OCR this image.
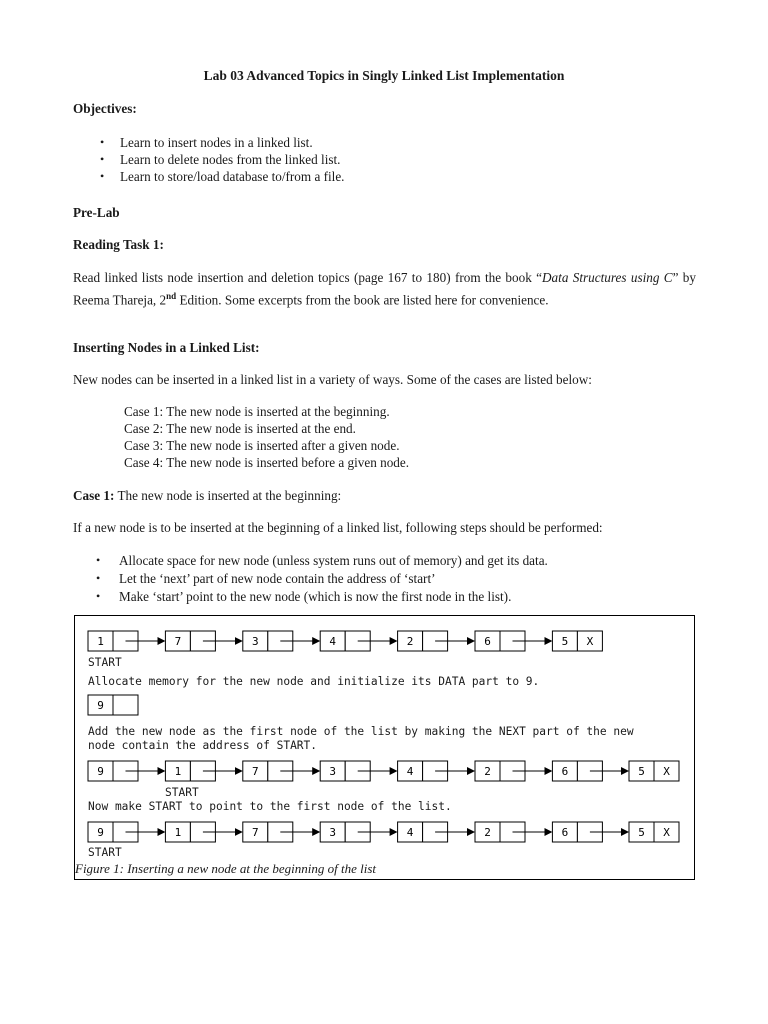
Lab 03 Advanced Topics in Singly Linked List Implementation
Objectives:
• Learn to insert nodes in a linked list.
• Learn to delete nodes from the linked list.
• Learn to store/load database to/from a file.
Pre-Lab
Reading Task 1:
Read linked lists node insertion and deletion topics (page 167 to 180) from the book “Data Structures using C” by Reema Thareja, 2nd Edition. Some excerpts from the book are listed here for convenience.
Inserting Nodes in a Linked List:
New nodes can be inserted in a linked list in a variety of ways. Some of the cases are listed below:
Case 1: The new node is inserted at the beginning.
Case 2: The new node is inserted at the end.
Case 3: The new node is inserted after a given node.
Case 4: The new node is inserted before a given node.
Case 1: The new node is inserted at the beginning:
If a new node is to be inserted at the beginning of a linked list, following steps should be performed:
• Allocate space for new node (unless system runs out of memory) and get its data.
• Let the ‘next’ part of new node contain the address of ‘start’
• Make ‘start’ point to the new node (which is now the first node in the list).
1	7	3	4	2	6	5 X
9
9	1	7	3	4	2	6	5 X
9	1	7	3	4	2	6	5 X
START
Allocate memory for the new node and initialize its DATA part to 9.
Add the new node as the first node of the list by making the NEXT part of the new
node contain the address of START.
START
Now make START to point to the first node of the list.
START
Figure 1: Inserting a new node at the beginning of the list
